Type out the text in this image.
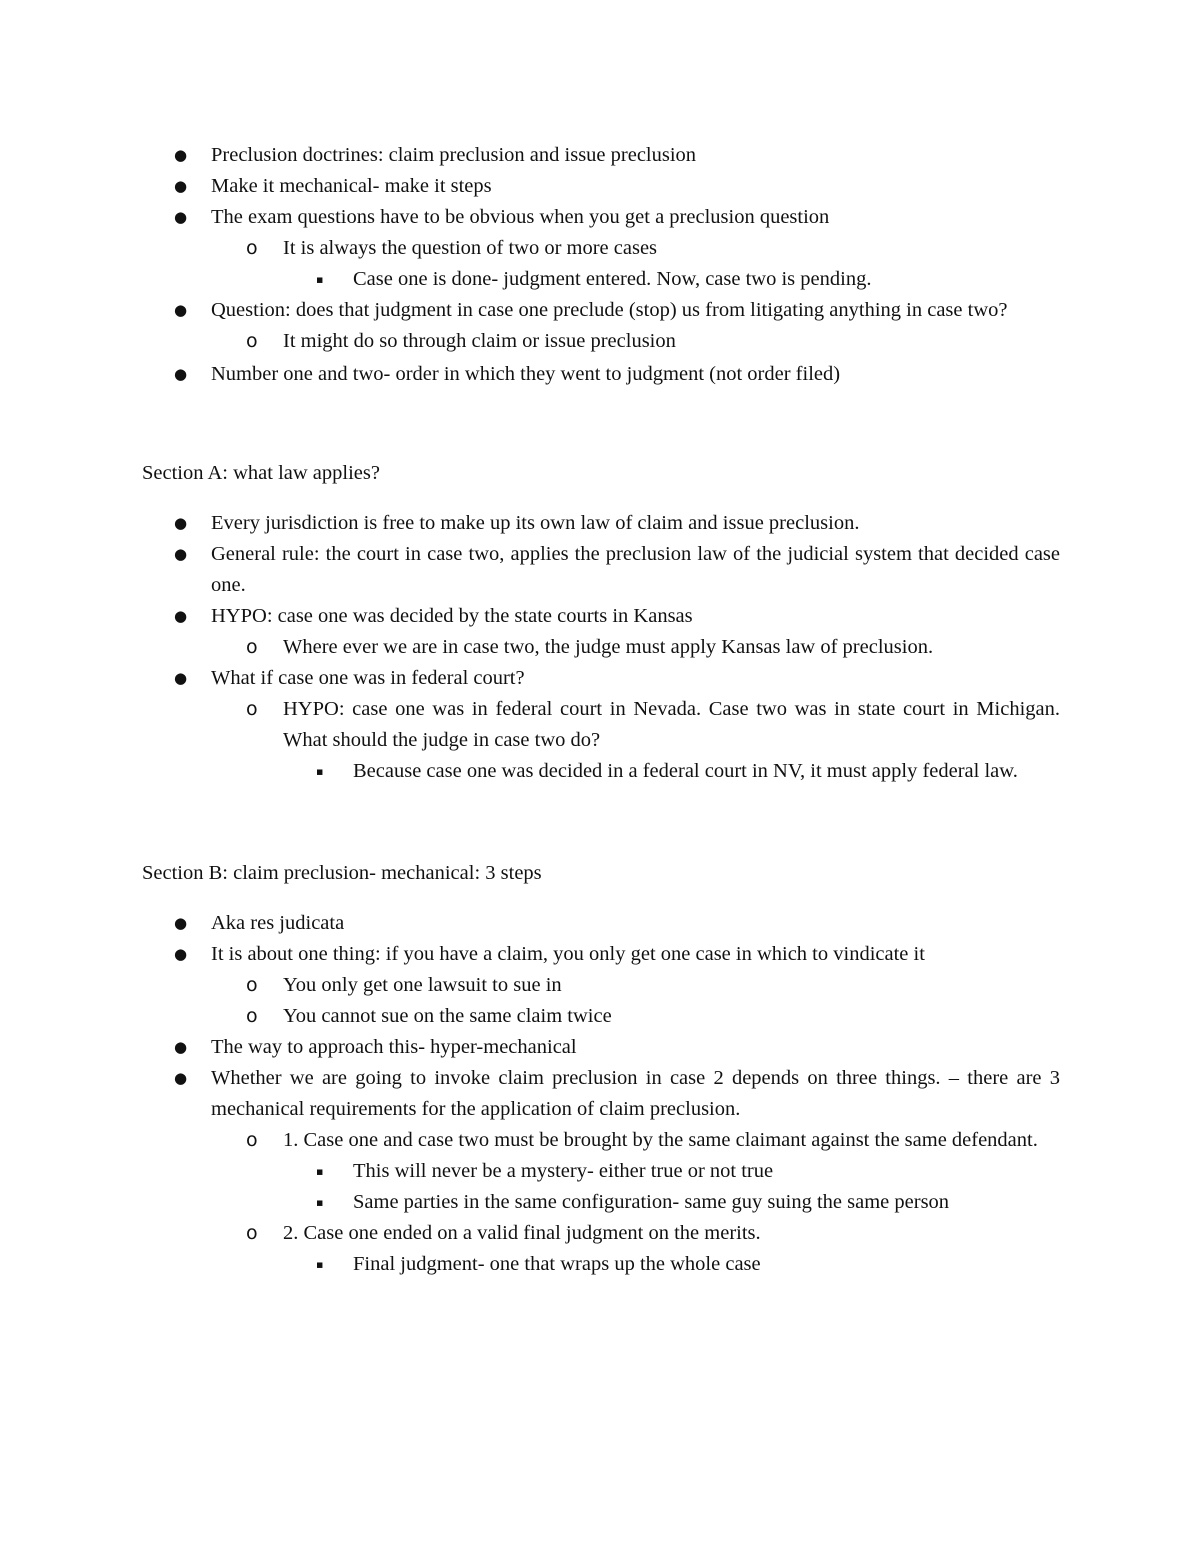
● Preclusion doctrines: claim preclusion and issue preclusion
● Make it mechanical- make it steps
● The exam questions have to be obvious when you get a preclusion question
o It is always the question of two or more cases
▪ Case one is done- judgment entered. Now, case two is pending.
● Question: does that judgment in case one preclude (stop) us from litigating anything in case two?
o It might do so through claim or issue preclusion
● Number one and two- order in which they went to judgment (not order filed)

Section A: what law applies?

● Every jurisdiction is free to make up its own law of claim and issue preclusion.
● General rule: the court in case two, applies the preclusion law of the judicial system that decided case one.
● HYPO: case one was decided by the state courts in Kansas
o Where ever we are in case two, the judge must apply Kansas law of preclusion.
● What if case one was in federal court?
o HYPO: case one was in federal court in Nevada. Case two was in state court in Michigan. What should the judge in case two do?
▪ Because case one was decided in a federal court in NV, it must apply federal law.

Section B: claim preclusion- mechanical: 3 steps

● Aka res judicata
● It is about one thing: if you have a claim, you only get one case in which to vindicate it
o You only get one lawsuit to sue in
o You cannot sue on the same claim twice
● The way to approach this- hyper-mechanical
● Whether we are going to invoke claim preclusion in case 2 depends on three things. – there are 3 mechanical requirements for the application of claim preclusion.
o 1. Case one and case two must be brought by the same claimant against the same defendant.
▪ This will never be a mystery- either true or not true
▪ Same parties in the same configuration- same guy suing the same person
o 2. Case one ended on a valid final judgment on the merits.
▪ Final judgment- one that wraps up the whole case
